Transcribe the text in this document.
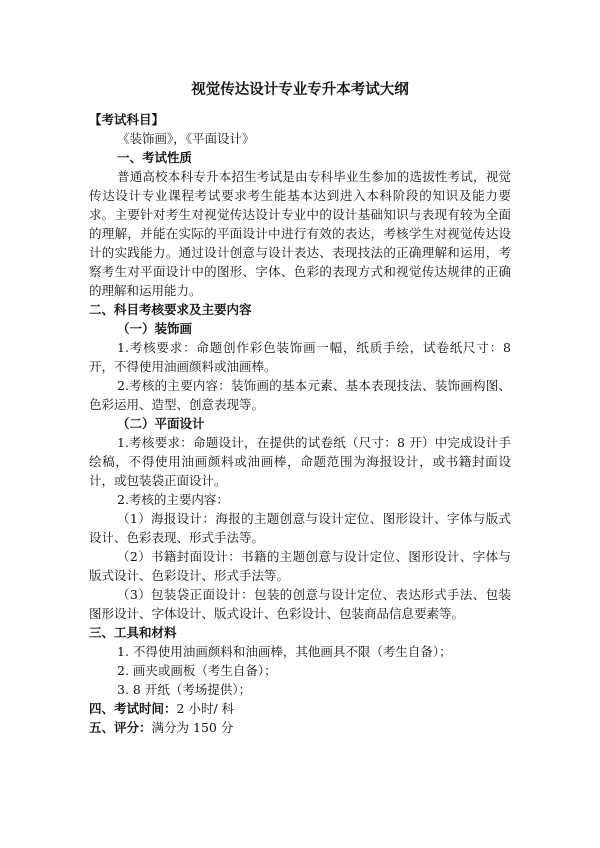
视觉传达设计专业专升本考试大纲

【考试科目】

《装饰画》，《平面设计》

一、考试性质

普通高校本科专升本招生考试是由专科毕业生参加的选拔性考试，视觉传达设计专业课程考试要求考生能基本达到进入本科阶段的知识及能力要求。主要针对考生对视觉传达设计专业中的设计基础知识与表现有较为全面的理解，并能在实际的平面设计中进行有效的表达，考核学生对视觉传达设计的实践能力。通过设计创意与设计表达、表现技法的正确理解和运用，考察考生对平面设计中的图形、字体、色彩的表现方式和视觉传达规律的正确的理解和运用能力。

二、科目考核要求及主要内容

（一）装饰画

1.考核要求：命题创作彩色装饰画一幅，纸质手绘，试卷纸尺寸：8 开，不得使用油画颜料或油画棒。

2.考核的主要内容：装饰画的基本元素、基本表现技法、装饰画构图、色彩运用、造型、创意表现等。

（二）平面设计

1.考核要求：命题设计，在提供的试卷纸（尺寸：8 开）中完成设计手绘稿，不得使用油画颜料或油画棒，命题范围为海报设计，或书籍封面设计，或包装袋正面设计。

2.考核的主要内容：

（1）海报设计：海报的主题创意与设计定位、图形设计、字体与版式设计、色彩表现、形式手法等。

（2）书籍封面设计：书籍的主题创意与设计定位、图形设计、字体与版式设计、色彩设计、形式手法等。

（3）包装袋正面设计：包装的创意与设计定位、表达形式手法、包装图形设计、字体设计、版式设计、色彩设计、包装商品信息要素等。

三、工具和材料

1. 不得使用油画颜料和油画棒，其他画具不限（考生自备）；

2. 画夹或画板（考生自备）；

3. 8 开纸（考场提供）；

四、考试时间：2 小时/ 科

五、评分：满分为 150 分
